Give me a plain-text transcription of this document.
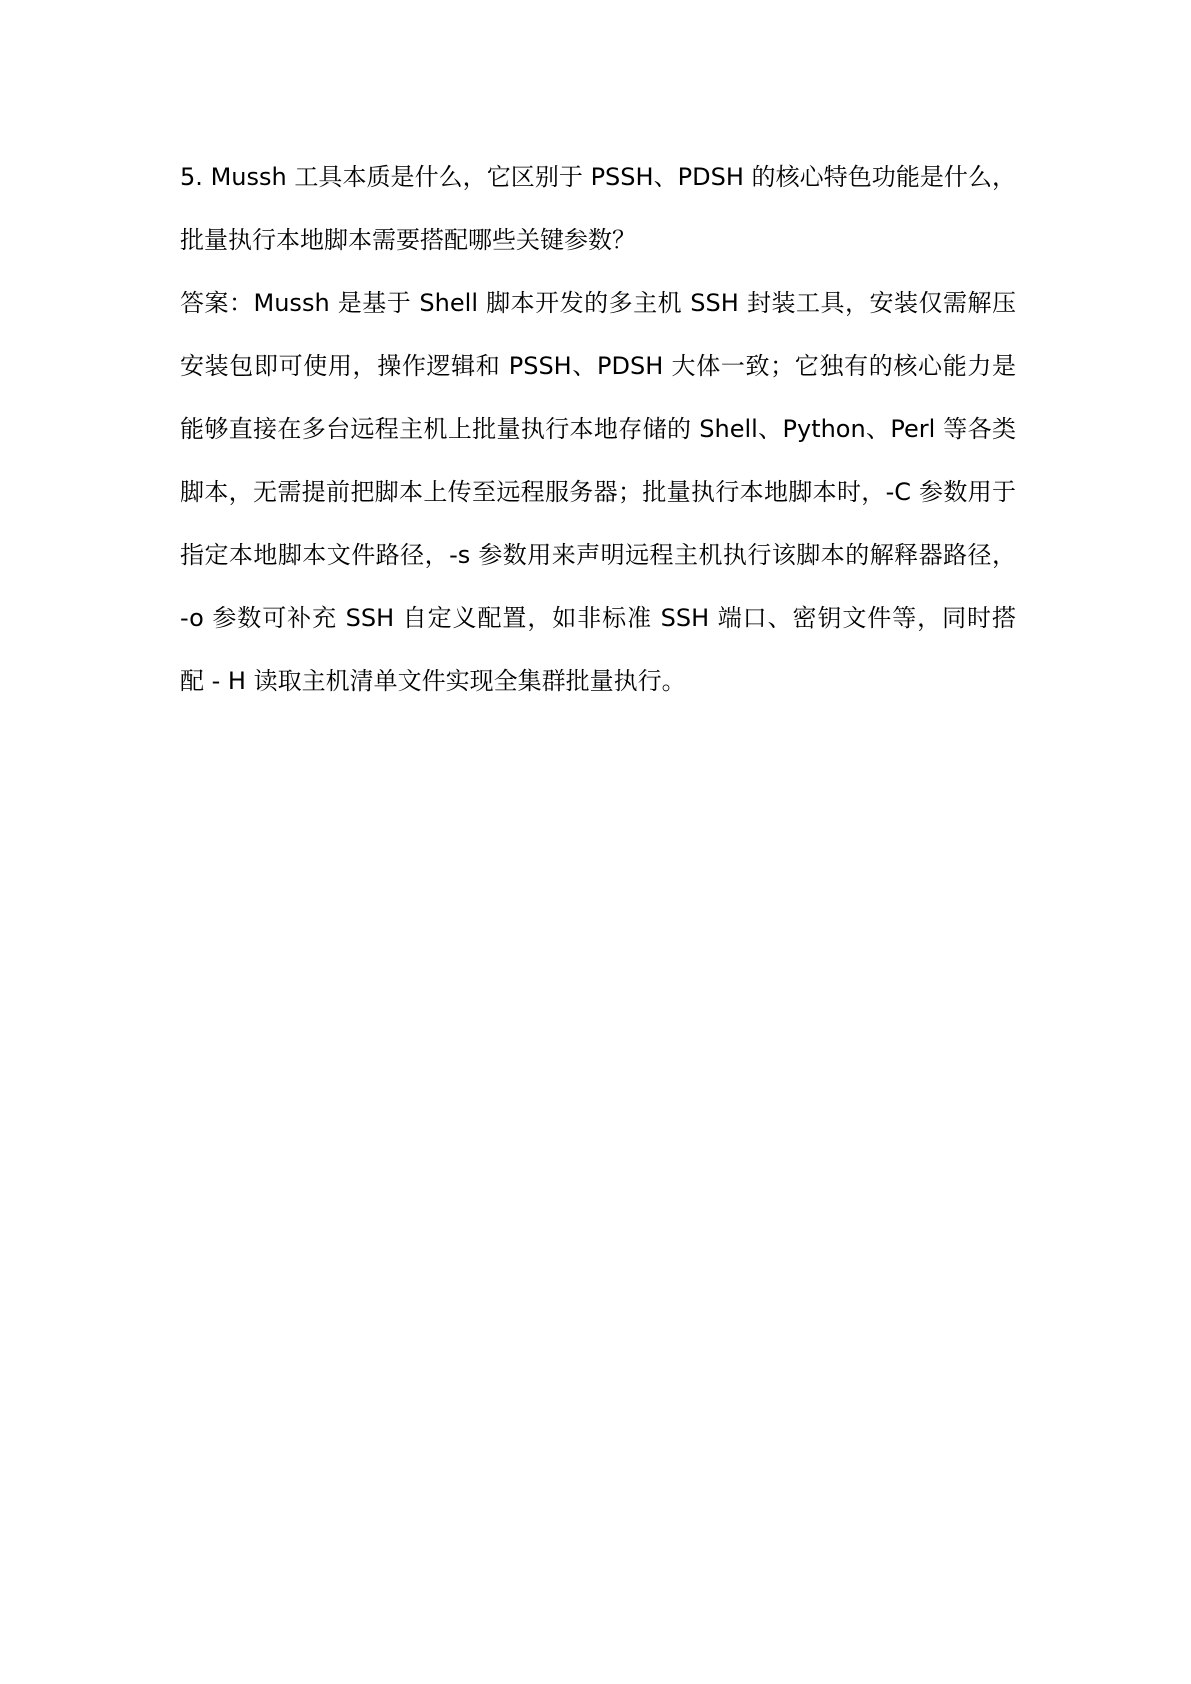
5. Mussh 工具本质是什么，它区别于 PSSH、PDSH 的核心特色功能是什么，
批量执行本地脚本需要搭配哪些关键参数？
答案：Mussh 是基于 Shell 脚本开发的多主机 SSH 封装工具，安装仅需解压
安装包即可使用，操作逻辑和 PSSH、PDSH 大体一致；它独有的核心能力是
能够直接在多台远程主机上批量执行本地存储的 Shell、Python、Perl 等各类
脚本，无需提前把脚本上传至远程服务器；批量执行本地脚本时，-C 参数用于
指定本地脚本文件路径，-s 参数用来声明远程主机执行该脚本的解释器路径，
-o 参数可补充 SSH 自定义配置，如非标准 SSH 端口、密钥文件等，同时搭
配 - H 读取主机清单文件实现全集群批量执行。
